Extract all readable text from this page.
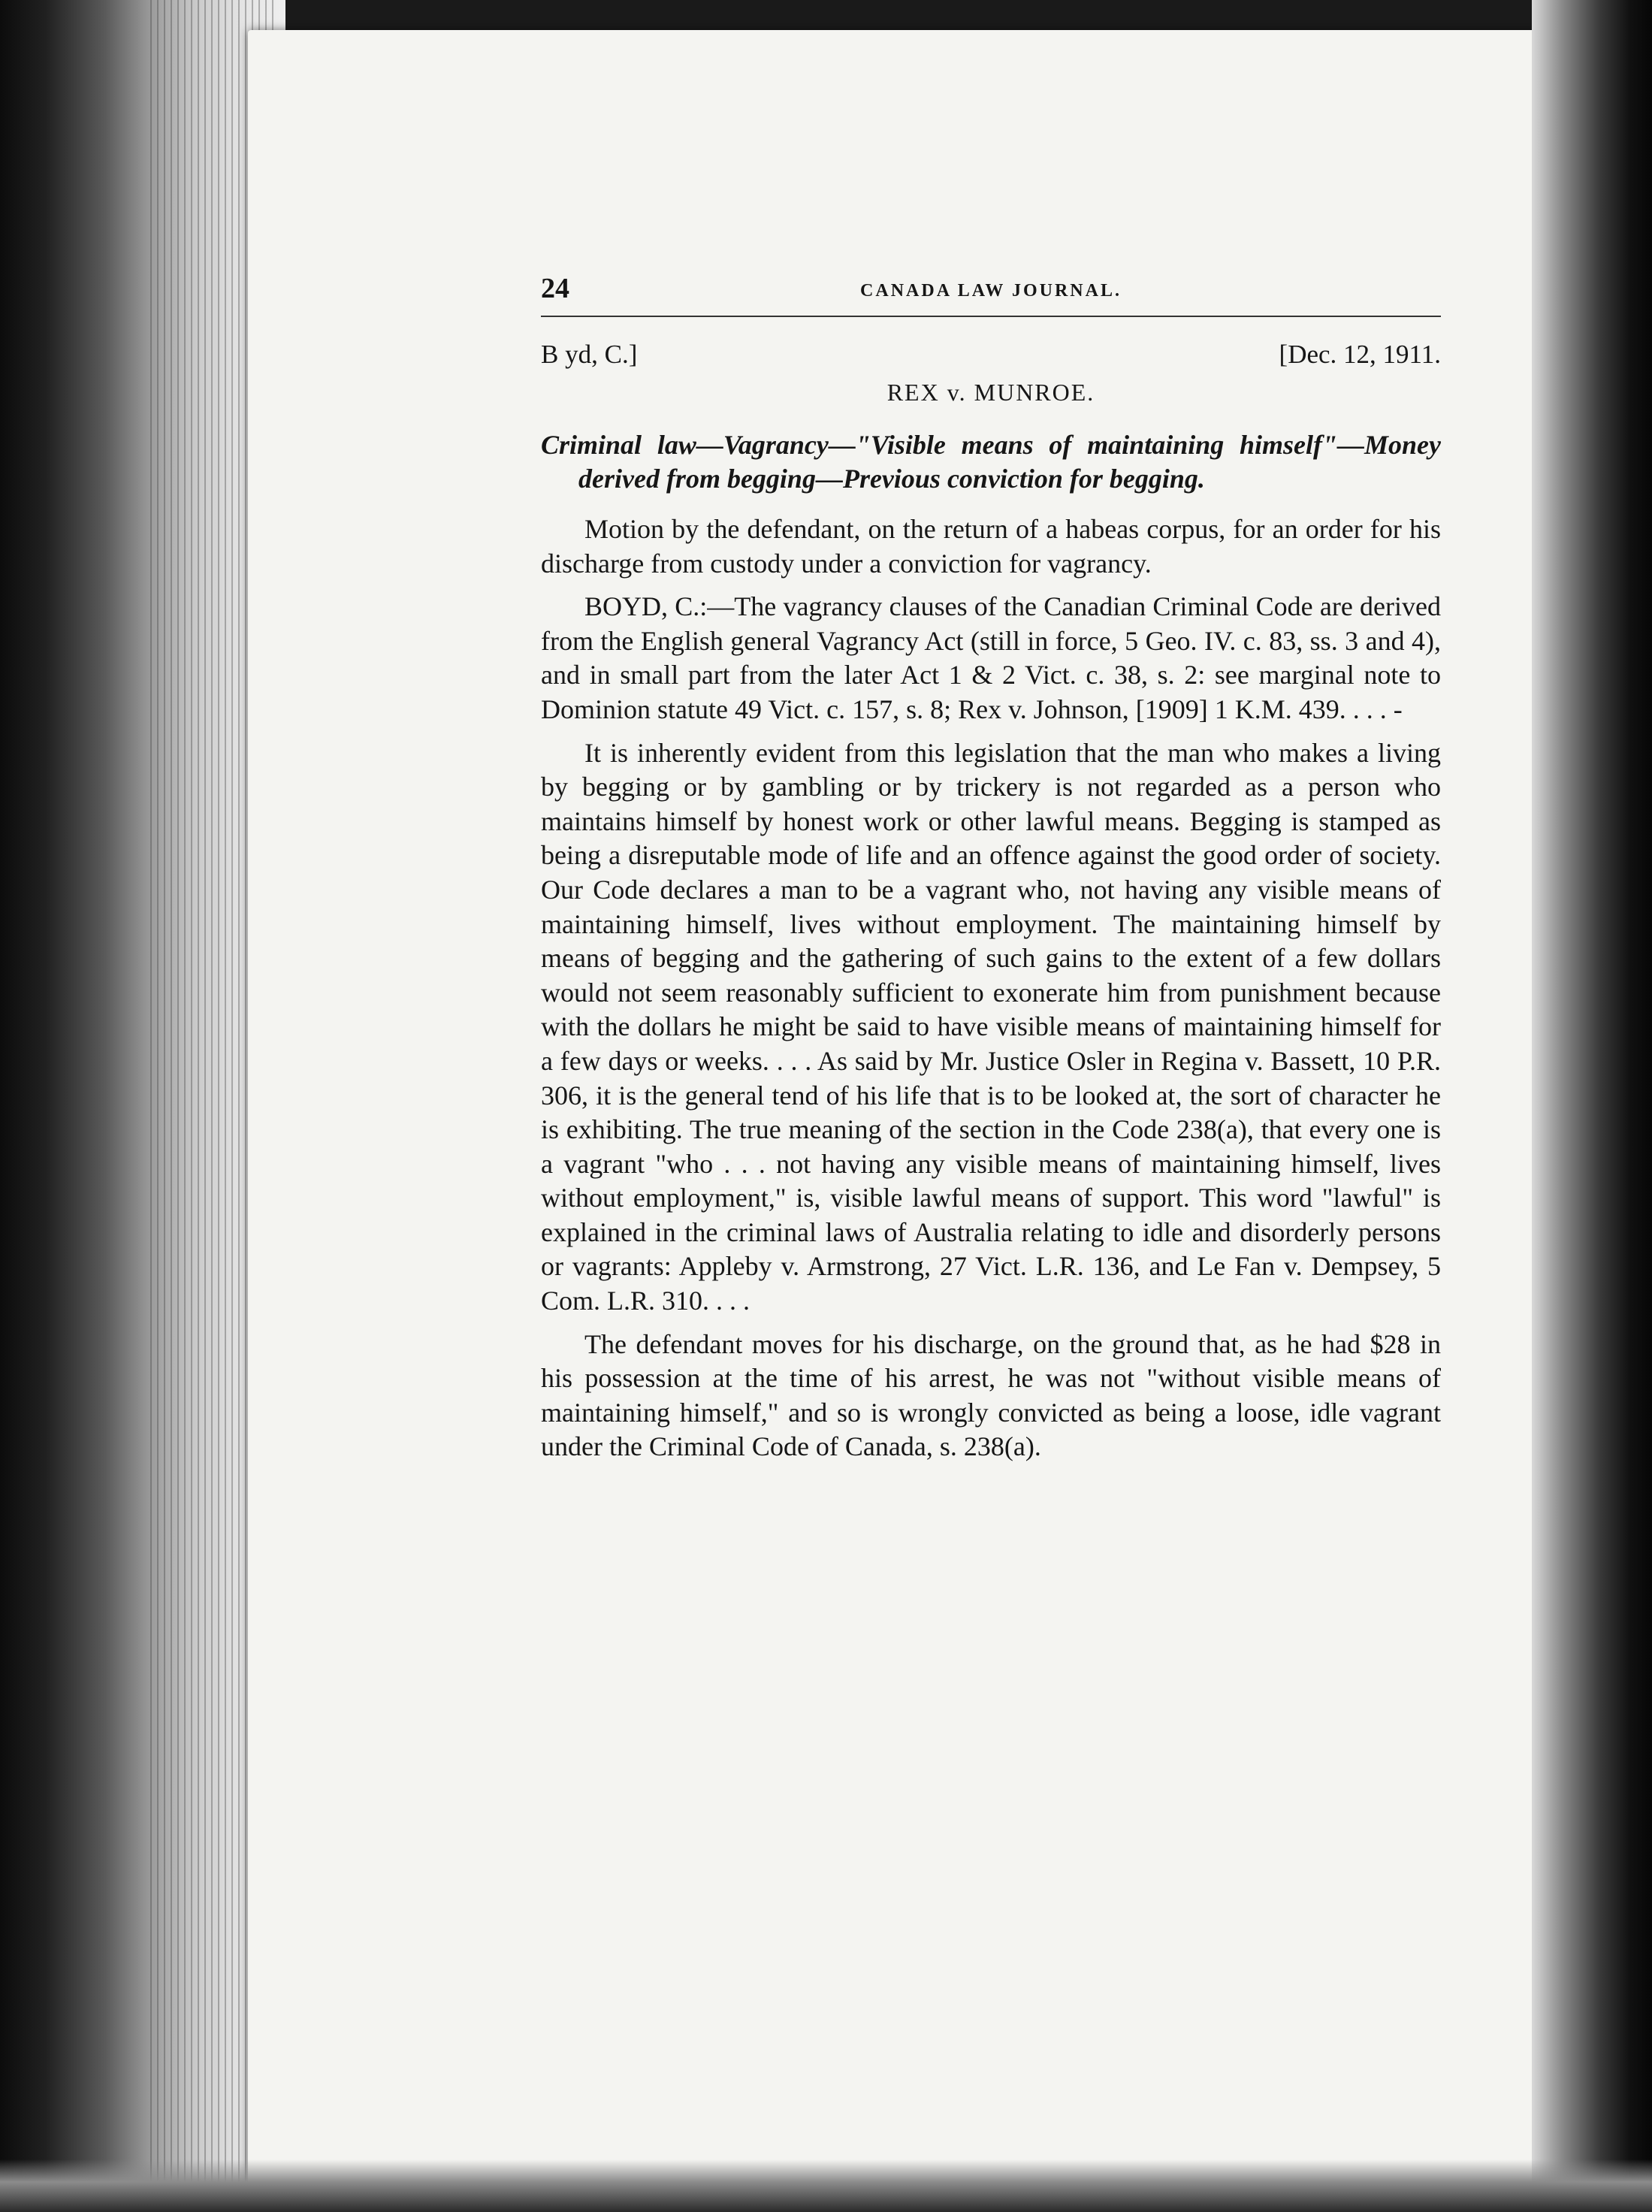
24	CANADA LAW JOURNAL.
B yd, C.]	[Dec. 12, 1911.
REX v. MUNROE.
Criminal law—Vagrancy—"Visible means of maintaining himself"—Money derived from begging—Previous conviction for begging.

Motion by the defendant, on the return of a habeas corpus, for an order for his discharge from custody under a conviction for vagrancy.

BOYD, C.:—The vagrancy clauses of the Canadian Criminal Code are derived from the English general Vagrancy Act (still in force, 5 Geo. IV. c. 83, ss. 3 and 4), and in small part from the later Act 1 & 2 Vict. c. 38, s. 2: see marginal note to Dominion statute 49 Vict. c. 157, s. 8; Rex v. Johnson, [1909] 1 K.M. 439. . . . -

It is inherently evident from this legislation that the man who makes a living by begging or by gambling or by trickery is not regarded as a person who maintains himself by honest work or other lawful means. Begging is stamped as being a disreputable mode of life and an offence against the good order of society. Our Code declares a man to be a vagrant who, not having any visible means of maintaining himself, lives without employment. The maintaining himself by means of begging and the gathering of such gains to the extent of a few dollars would not seem reasonably sufficient to exonerate him from punishment because with the dollars he might be said to have visible means of maintaining himself for a few days or weeks. . . . As said by Mr. Justice Osler in Regina v. Bassett, 10 P.R. 306, it is the general tend of his life that is to be looked at, the sort of character he is exhibiting. The true meaning of the section in the Code 238(a), that every one is a vagrant "who . . . not having any visible means of maintaining himself, lives without employment," is, visible lawful means of support. This word "lawful" is explained in the criminal laws of Australia relating to idle and disorderly persons or vagrants: Appleby v. Armstrong, 27 Vict. L.R. 136, and Le Fan v. Dempsey, 5 Com. L.R. 310. . . .

The defendant moves for his discharge, on the ground that, as he had $28 in his possession at the time of his arrest, he was not "without visible means of maintaining himself," and so is wrongly convicted as being a loose, idle vagrant under the Criminal Code of Canada, s. 238(a).
